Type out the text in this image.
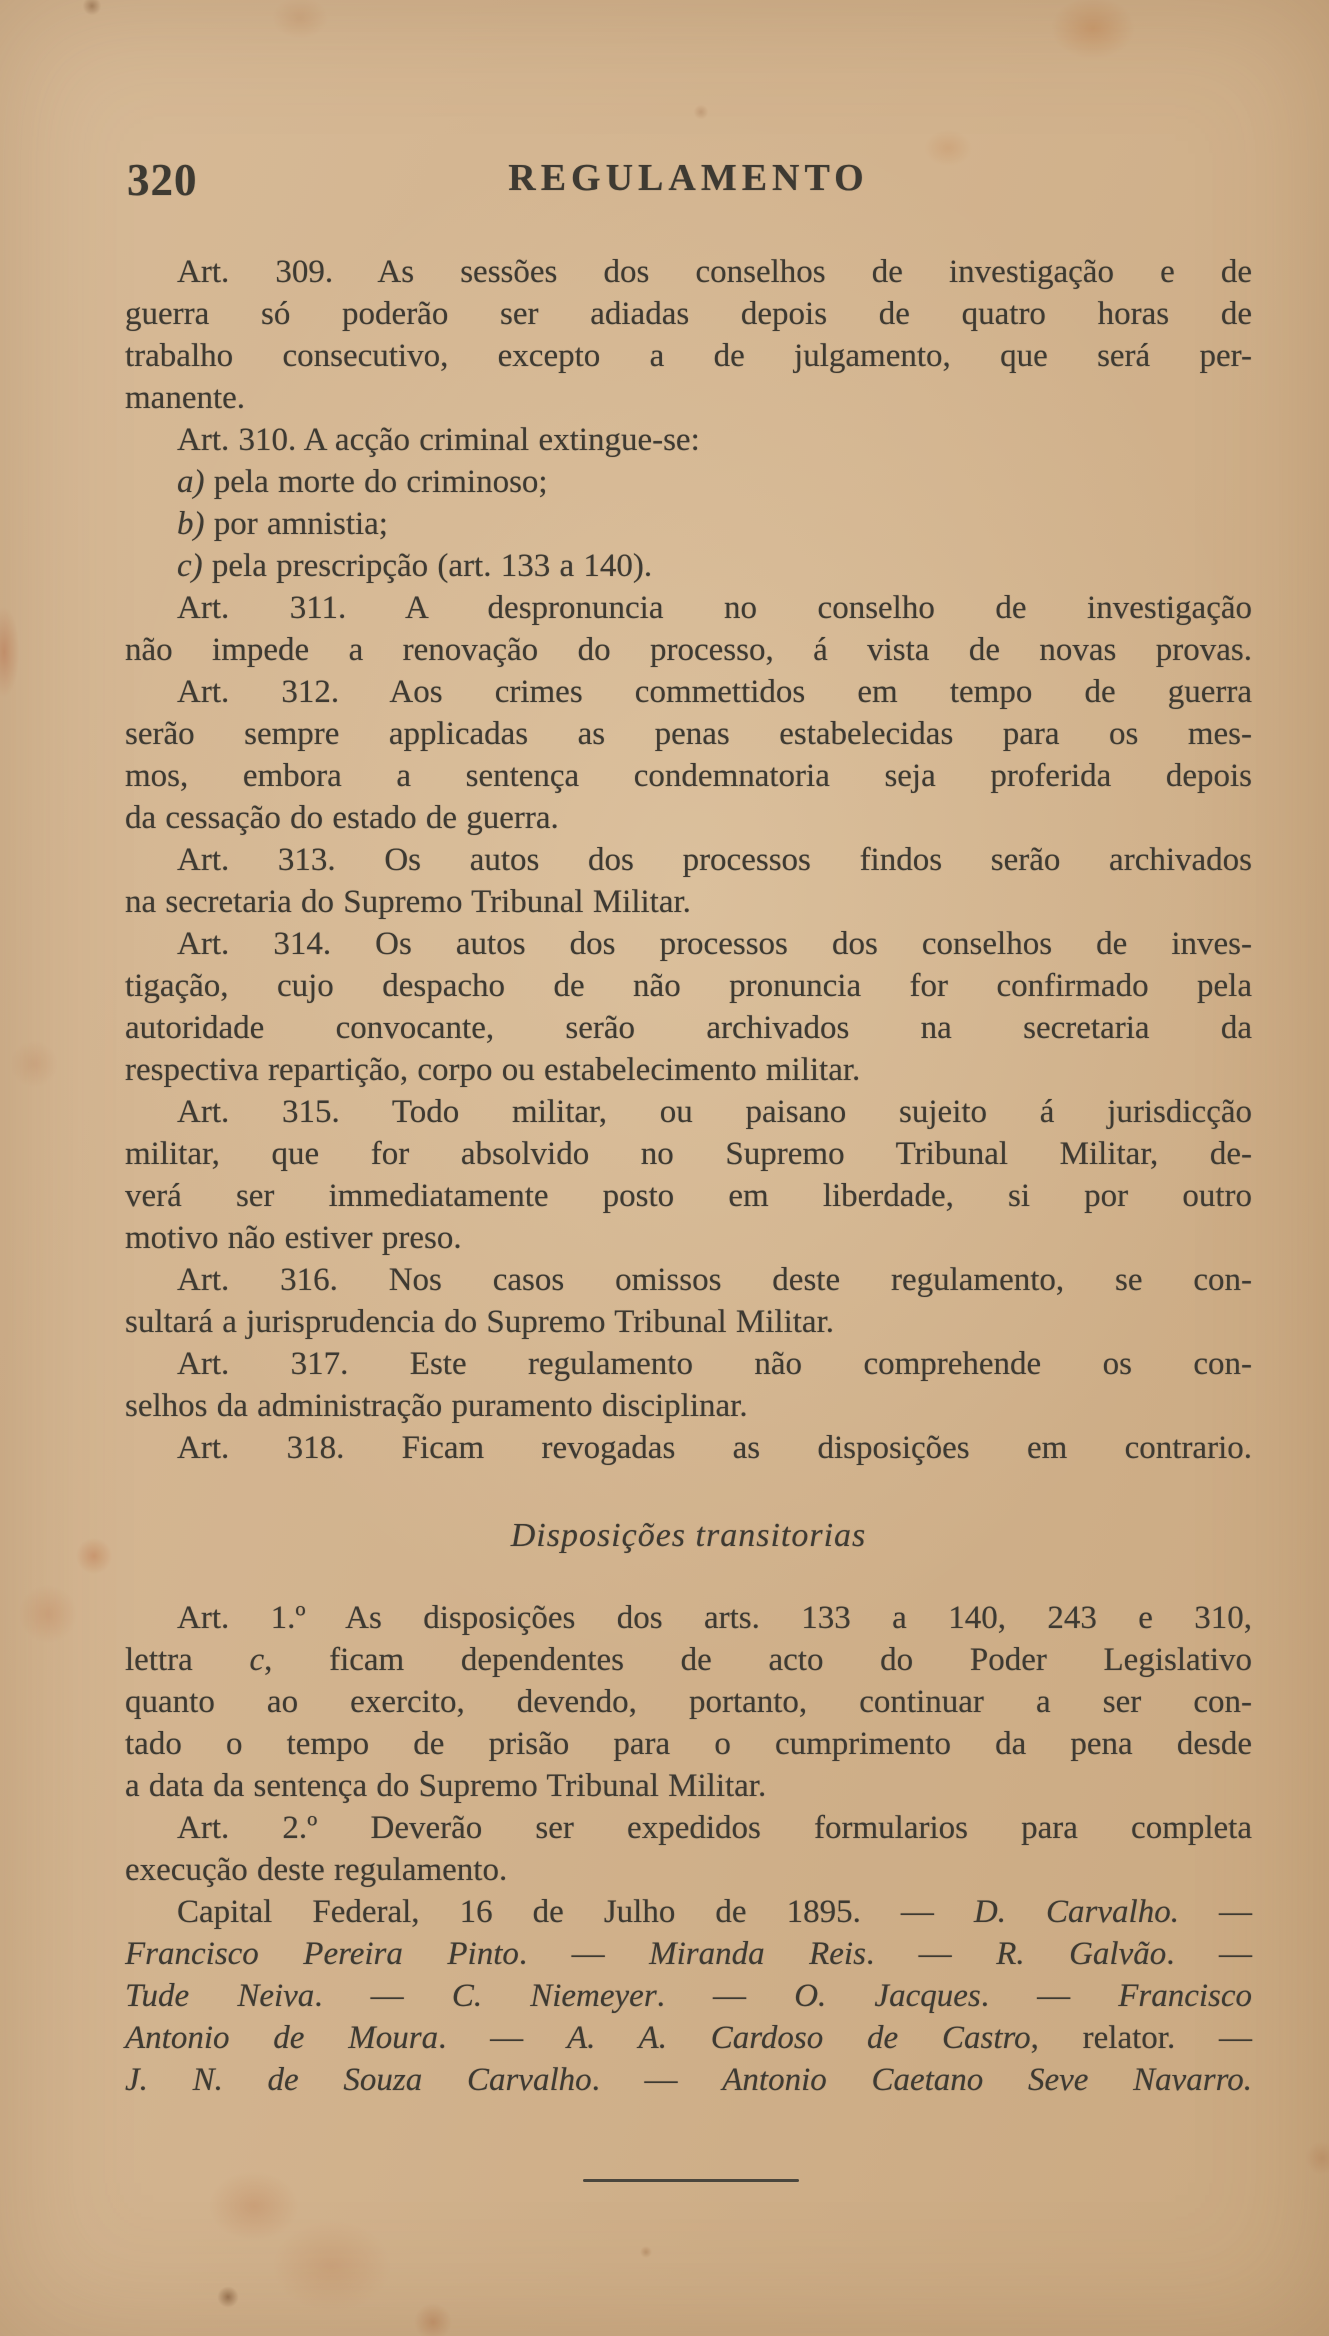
320	REGULAMENTO
Art. 309. As sessões dos conselhos de investigação e de
guerra só poderão ser adiadas depois de quatro horas de
trabalho consecutivo, excepto a de julgamento, que será per-
manente.
Art. 310. A acção criminal extingue-se:
a) pela morte do criminoso;
b) por amnistia;
c) pela prescripção (art. 133 a 140).
Art. 311. A despronuncia no conselho de investigação
não impede a renovação do processo, á vista de novas provas.
Art. 312. Aos crimes commettidos em tempo de guerra
serão sempre applicadas as penas estabelecidas para os mes-
mos, embora a sentença condemnatoria seja proferida depois
da cessação do estado de guerra.
Art. 313. Os autos dos processos findos serão archivados
na secretaria do Supremo Tribunal Militar.
Art. 314. Os autos dos processos dos conselhos de inves-
tigação, cujo despacho de não pronuncia for confirmado pela
autoridade convocante, serão archivados na secretaria da
respectiva repartição, corpo ou estabelecimento militar.
Art. 315. Todo militar, ou paisano sujeito á jurisdicção
militar, que for absolvido no Supremo Tribunal Militar, de-
verá ser immediatamente posto em liberdade, si por outro
motivo não estiver preso.
Art. 316. Nos casos omissos deste regulamento, se con-
sultará a jurisprudencia do Supremo Tribunal Militar.
Art. 317. Este regulamento não comprehende os con-
selhos da administração puramento disciplinar.
Art. 318. Ficam revogadas as disposições em contrario.
Disposições transitorias
Art. 1.º As disposições dos arts. 133 a 140, 243 e 310,
lettra c, ficam dependentes de acto do Poder Legislativo
quanto ao exercito, devendo, portanto, continuar a ser con-
tado o tempo de prisão para o cumprimento da pena desde
a data da sentença do Supremo Tribunal Militar.
Art. 2.º Deverão ser expedidos formularios para completa
execução deste regulamento.
Capital Federal, 16 de Julho de 1895. — D. Carvalho. —
Francisco Pereira Pinto. — Miranda Reis. — R. Galvão. —
Tude Neiva. — C. Niemeyer. — O. Jacques. — Francisco
Antonio de Moura. — A. A. Cardoso de Castro, relator. —
J. N. de Souza Carvalho. — Antonio Caetano Seve Navarro.
